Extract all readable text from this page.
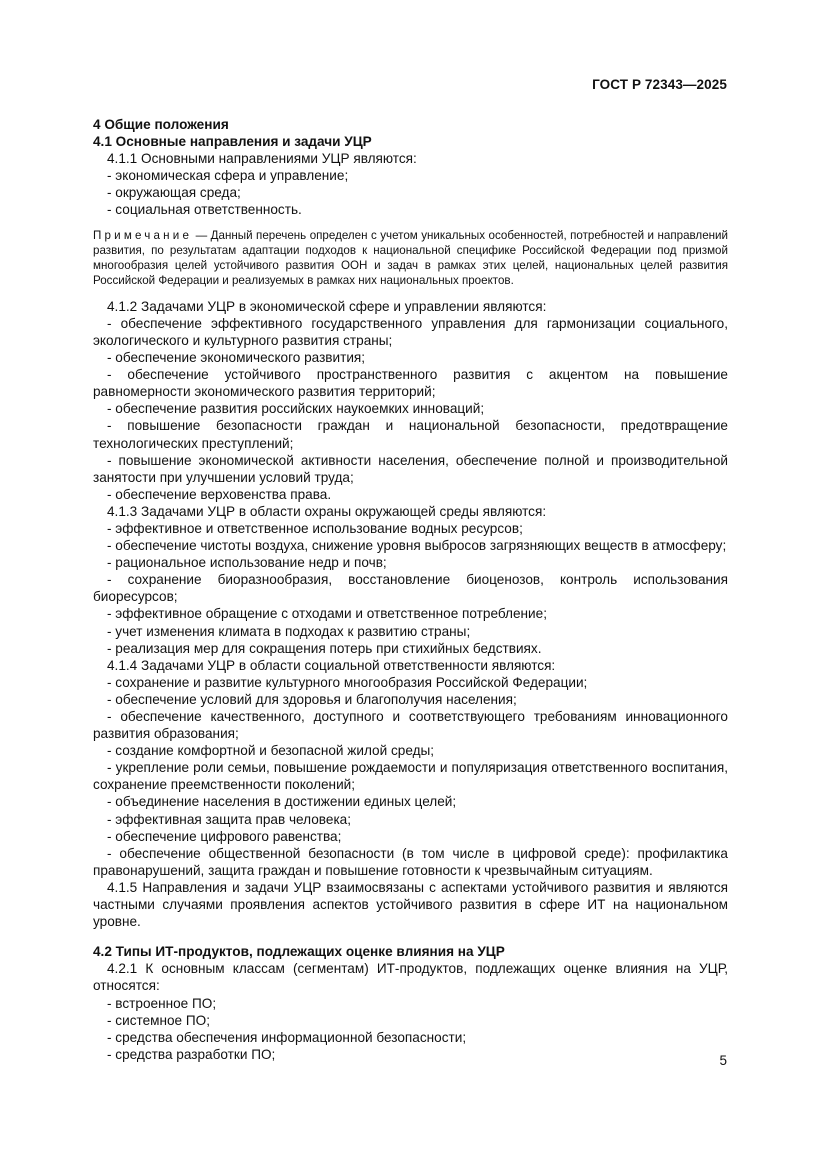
ГОСТ Р 72343—2025

4 Общие положения

4.1 Основные направления и задачи УЦР

4.1.1 Основными направлениями УЦР являются:

- экономическая сфера и управление;

- окружающая среда;

- социальная ответственность.

Примечание — Данный перечень определен с учетом уникальных особенностей, потребностей и направлений развития, по результатам адаптации подходов к национальной специфике Российской Федерации под призмой многообразия целей устойчивого развития ООН и задач в рамках этих целей, национальных целей развития Российской Федерации и реализуемых в рамках них национальных проектов.

4.1.2 Задачами УЦР в экономической сфере и управлении являются:

- обеспечение эффективного государственного управления для гармонизации социального, экологического и культурного развития страны;

- обеспечение экономического развития;

- обеспечение устойчивого пространственного развития с акцентом на повышение равномерности экономического развития территорий;

- обеспечение развития российских наукоемких инноваций;

- повышение безопасности граждан и национальной безопасности, предотвращение технологических преступлений;

- повышение экономической активности населения, обеспечение полной и производительной занятости при улучшении условий труда;

- обеспечение верховенства права.

4.1.3 Задачами УЦР в области охраны окружающей среды являются:

- эффективное и ответственное использование водных ресурсов;

- обеспечение чистоты воздуха, снижение уровня выбросов загрязняющих веществ в атмосферу;

- рациональное использование недр и почв;

- сохранение биоразнообразия, восстановление биоценозов, контроль использования биоресурсов;

- эффективное обращение с отходами и ответственное потребление;

- учет изменения климата в подходах к развитию страны;

- реализация мер для сокращения потерь при стихийных бедствиях.

4.1.4 Задачами УЦР в области социальной ответственности являются:

- сохранение и развитие культурного многообразия Российской Федерации;

- обеспечение условий для здоровья и благополучия населения;

- обеспечение качественного, доступного и соответствующего требованиям инновационного развития образования;

- создание комфортной и безопасной жилой среды;

- укрепление роли семьи, повышение рождаемости и популяризация ответственного воспитания, сохранение преемственности поколений;

- объединение населения в достижении единых целей;

- эффективная защита прав человека;

- обеспечение цифрового равенства;

- обеспечение общественной безопасности (в том числе в цифровой среде): профилактика правонарушений, защита граждан и повышение готовности к чрезвычайным ситуациям.

4.1.5 Направления и задачи УЦР взаимосвязаны с аспектами устойчивого развития и являются частными случаями проявления аспектов устойчивого развития в сфере ИТ на национальном уровне.

4.2 Типы ИТ-продуктов, подлежащих оценке влияния на УЦР

4.2.1 К основным классам (сегментам) ИТ-продуктов, подлежащих оценке влияния на УЦР, относятся:

- встроенное ПО;

- системное ПО;

- средства обеспечения информационной безопасности;

- средства разработки ПО;	5
